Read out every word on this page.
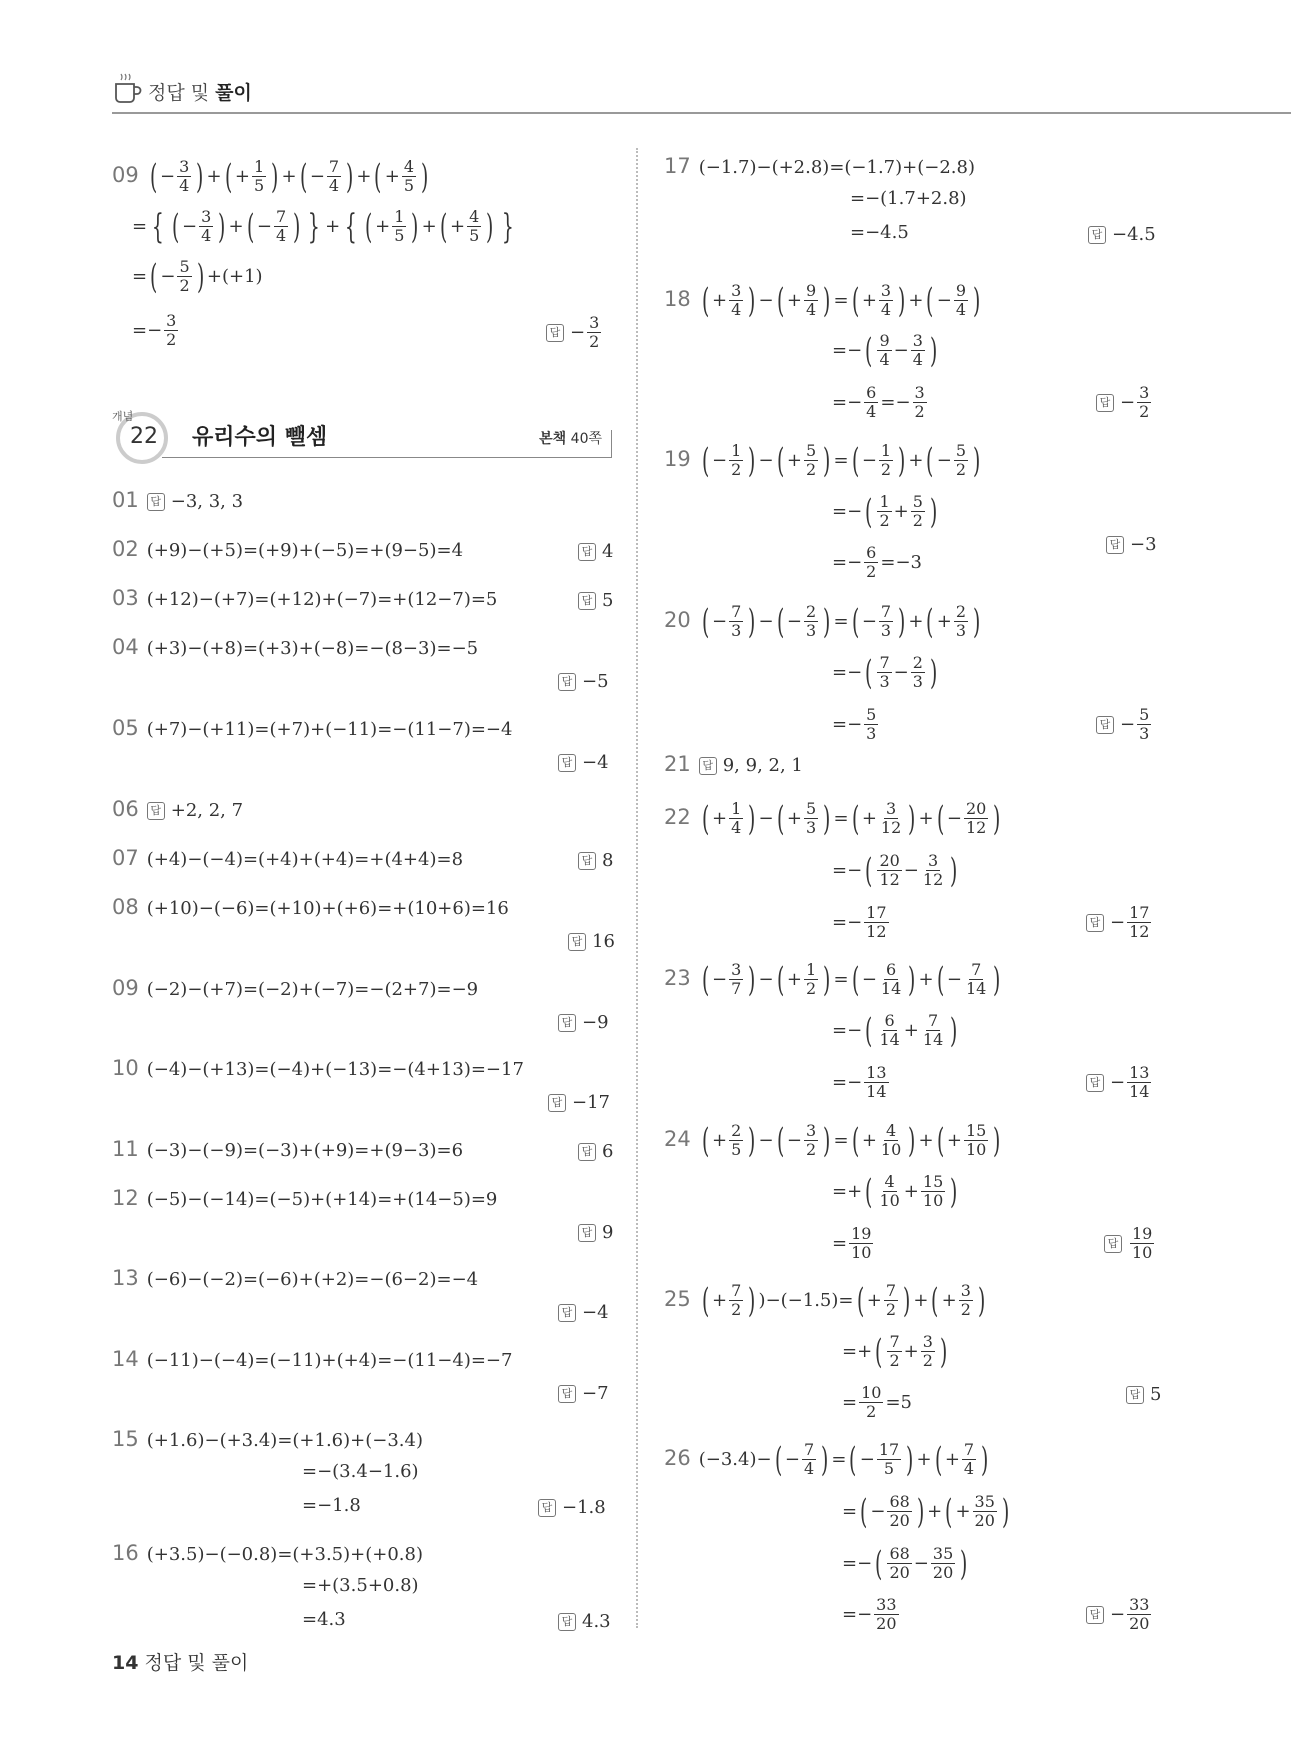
정답 및 풀이
09 ( − $\frac{3}{4}$ ) +( + $\frac{1}{5}$ ) +( − $\frac{7}{4}$ ) +( + $\frac{4}{5}$ )
= { ( − $\frac{3}{4}$ ) +( − $\frac{7}{4}$ ) } + { ( + $\frac{1}{5}$ ) +( + $\frac{4}{5}$ ) }
=( − $\frac{5}{2}$ ) +(+1)
=− $\frac{3}{2}$	답 − $\frac{3}{2}$
개념
22 유리수의 뺄셈	본책 40쪽
01 답 −3, 3, 3
02 (+9)−(+5)=(+9)+(−5)=+(9−5)=4	답 4
03 (+12)−(+7)=(+12)+(−7)=+(12−7)=5	답 5
04 (+3)−(+8)=(+3)+(−8)=−(8−3)=−5
답 −5
05 (+7)−(+11)=(+7)+(−11)=−(11−7)=−4
답 −4
06 답 +2, 2, 7
07 (+4)−(−4)=(+4)+(+4)=+(4+4)=8	답 8
08 (+10)−(−6)=(+10)+(+6)=+(10+6)=16
답 16
09 (−2)−(+7)=(−2)+(−7)=−(2+7)=−9
답 −9
10 (−4)−(+13)=(−4)+(−13)=−(4+13)=−17
답 −17
11 (−3)−(−9)=(−3)+(+9)=+(9−3)=6	답 6
12 (−5)−(−14)=(−5)+(+14)=+(14−5)=9
답 9
13 (−6)−(−2)=(−6)+(+2)=−(6−2)=−4
답 −4
14 (−11)−(−4)=(−11)+(+4)=−(11−4)=−7
답 −7
15 (+1.6)−(+3.4)=(+1.6)+(−3.4)
=−(3.4−1.6)
=−1.8	답 −1.8
16 (+3.5)−(−0.8)=(+3.5)+(+0.8)
=+(3.5+0.8)
=4.3	답 4.3
17 (−1.7)−(+2.8)=(−1.7)+(−2.8)
=−(1.7+2.8)
=−4.5	답 −4.5
18 ( + $\frac{3}{4}$ ) −( + $\frac{9}{4}$ ) =( + $\frac{3}{4}$ ) +( − $\frac{9}{4}$ )
=−( $\frac{9}{4} - \frac{3}{4}$ )
=− $\frac{6}{4} =- \frac{3}{2}$	답 − $\frac{3}{2}$
19 ( − $\frac{1}{2}$ ) −( + $\frac{5}{2}$ ) =( − $\frac{1}{2}$ ) +( − $\frac{5}{2}$ )
=−( $\frac{1}{2} + \frac{5}{2}$ )
=− $\frac{6}{2} =-3$
답 −3
20 ( − $\frac{7}{3}$ ) −( − $\frac{2}{3}$ ) =( − $\frac{7}{3}$ ) +( + $\frac{2}{3}$ )
=−( $\frac{7}{3} - \frac{2}{3}$ )
=− $\frac{5}{3}$	답 − $\frac{5}{3}$
21 답 9, 9, 2, 1
22 ( + $\frac{1}{4}$ ) −( + $\frac{5}{3}$ ) =( + $\frac{3}{12}$ ) +( − $\frac{20}{12}$ )
=−( $\frac{20}{12} - \frac{3}{12}$ )
=− $\frac{17}{12}$	답 − $\frac{17}{12}$
23 ( − $\frac{3}{7}$ ) −( + $\frac{1}{2}$ ) =( − $\frac{6}{14}$ ) +( − $\frac{7}{14}$ )
=−( $\frac{6}{14} + \frac{7}{14}$ )
=− $\frac{13}{14}$	답 − $\frac{13}{14}$
24 ( + $\frac{2}{5}$ ) −( − $\frac{3}{2}$ ) =( + $\frac{4}{10}$ ) +( + $\frac{15}{10}$ )
=+( $\frac{4}{10} + \frac{15}{10}$ )
= $\frac{19}{10}$	답 $\frac{19}{10}$
25 ( + $\frac{7}{2}$ ) )$-(-1.5)=( + \frac{7}{2}$ ) +( + $\frac{3}{2}$ )
=+( $\frac{7}{2} + \frac{3}{2}$ )
= $\frac{10}{2} =5$	답 5
26 $(-3.4)-( - \frac{7}{4}$ ) =( − $\frac{17}{5}$ ) +( + $\frac{7}{4}$ )
=( − $\frac{68}{20}$ ) +( + $\frac{35}{20}$ )
=−( $\frac{68}{20} - \frac{35}{20}$ )
=− $\frac{33}{20}$	답 − $\frac{33}{20}$
14 정답 및 풀이
